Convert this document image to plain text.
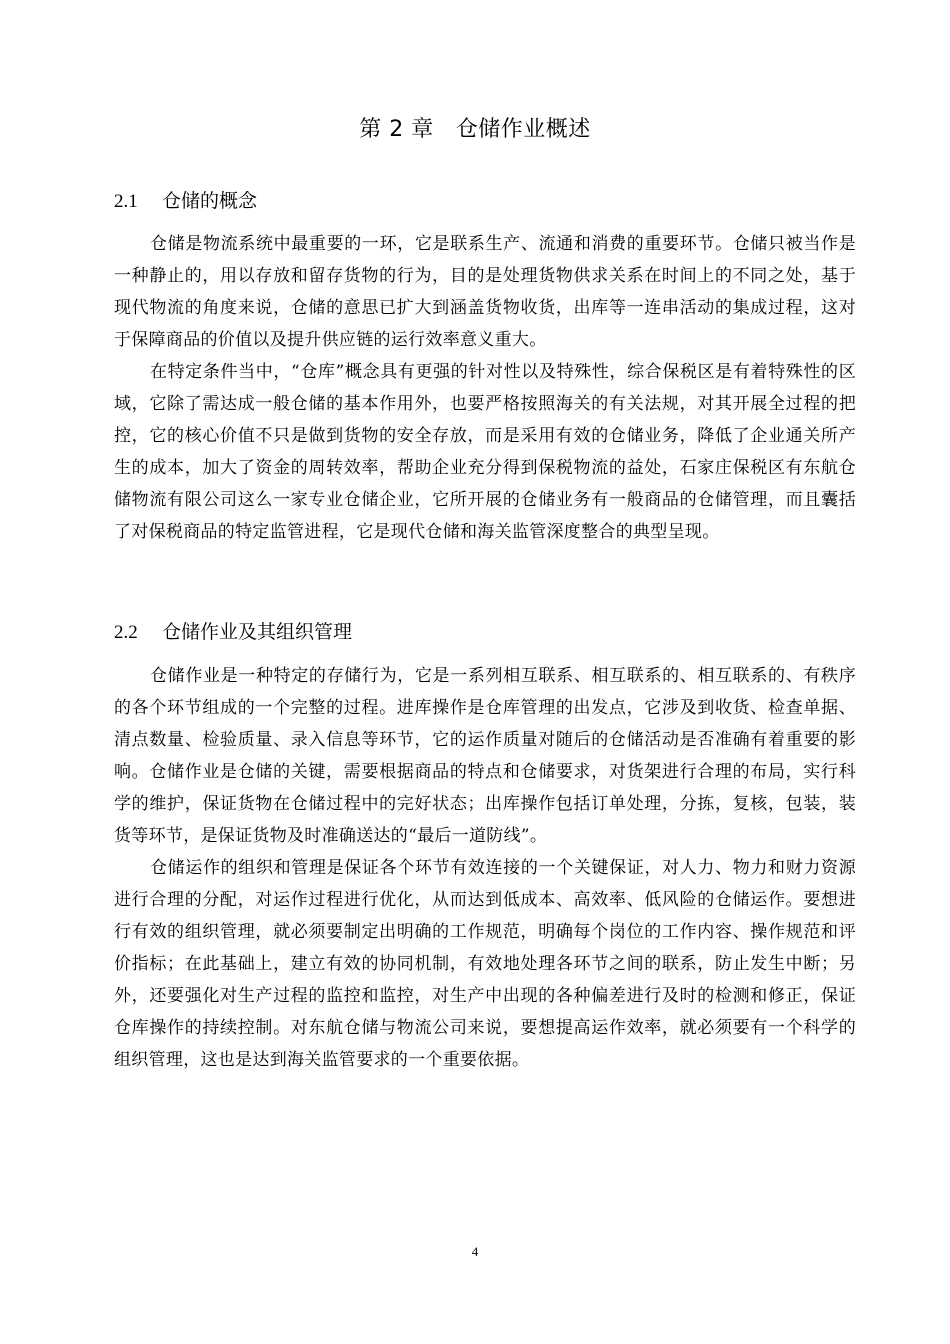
第 2 章 仓储作业概述
2.1 仓储的概念

仓储是物流系统中最重要的一环，它是联系生产、流通和消费的重要环节。仓储只被当作是一种静止的，用以存放和留存货物的行为，目的是处理货物供求关系在时间上的不同之处，基于现代物流的角度来说，仓储的意思已扩大到涵盖货物收货，出库等一连串活动的集成过程，这对于保障商品的价值以及提升供应链的运行效率意义重大。

在特定条件当中，“仓库”概念具有更强的针对性以及特殊性，综合保税区是有着特殊性的区域，它除了需达成一般仓储的基本作用外，也要严格按照海关的有关法规，对其开展全过程的把控，它的核心价值不只是做到货物的安全存放，而是采用有效的仓储业务，降低了企业通关所产生的成本，加大了资金的周转效率，帮助企业充分得到保税物流的益处，石家庄保税区有东航仓储物流有限公司这么一家专业仓储企业，它所开展的仓储业务有一般商品的仓储管理，而且囊括了对保税商品的特定监管进程，它是现代仓储和海关监管深度整合的典型呈现。

2.2 仓储作业及其组织管理

仓储作业是一种特定的存储行为，它是一系列相互联系、相互联系的、相互联系的、有秩序的各个环节组成的一个完整的过程。进库操作是仓库管理的出发点，它涉及到收货、检查单据、清点数量、检验质量、录入信息等环节，它的运作质量对随后的仓储活动是否准确有着重要的影响。仓储作业是仓储的关键，需要根据商品的特点和仓储要求，对货架进行合理的布局，实行科学的维护，保证货物在仓储过程中的完好状态；出库操作包括订单处理，分拣，复核，包装，装货等环节，是保证货物及时准确送达的“最后一道防线”。

仓储运作的组织和管理是保证各个环节有效连接的一个关键保证，对人力、物力和财力资源进行合理的分配，对运作过程进行优化，从而达到低成本、高效率、低风险的仓储运作。要想进行有效的组织管理，就必须要制定出明确的工作规范，明确每个岗位的工作内容、操作规范和评价指标；在此基础上，建立有效的协同机制，有效地处理各环节之间的联系，防止发生中断；另外，还要强化对生产过程的监控和监控，对生产中出现的各种偏差进行及时的检测和修正，保证仓库操作的持续控制。对东航仓储与物流公司来说，要想提高运作效率，就必须要有一个科学的组织管理，这也是达到海关监管要求的一个重要依据。

4
